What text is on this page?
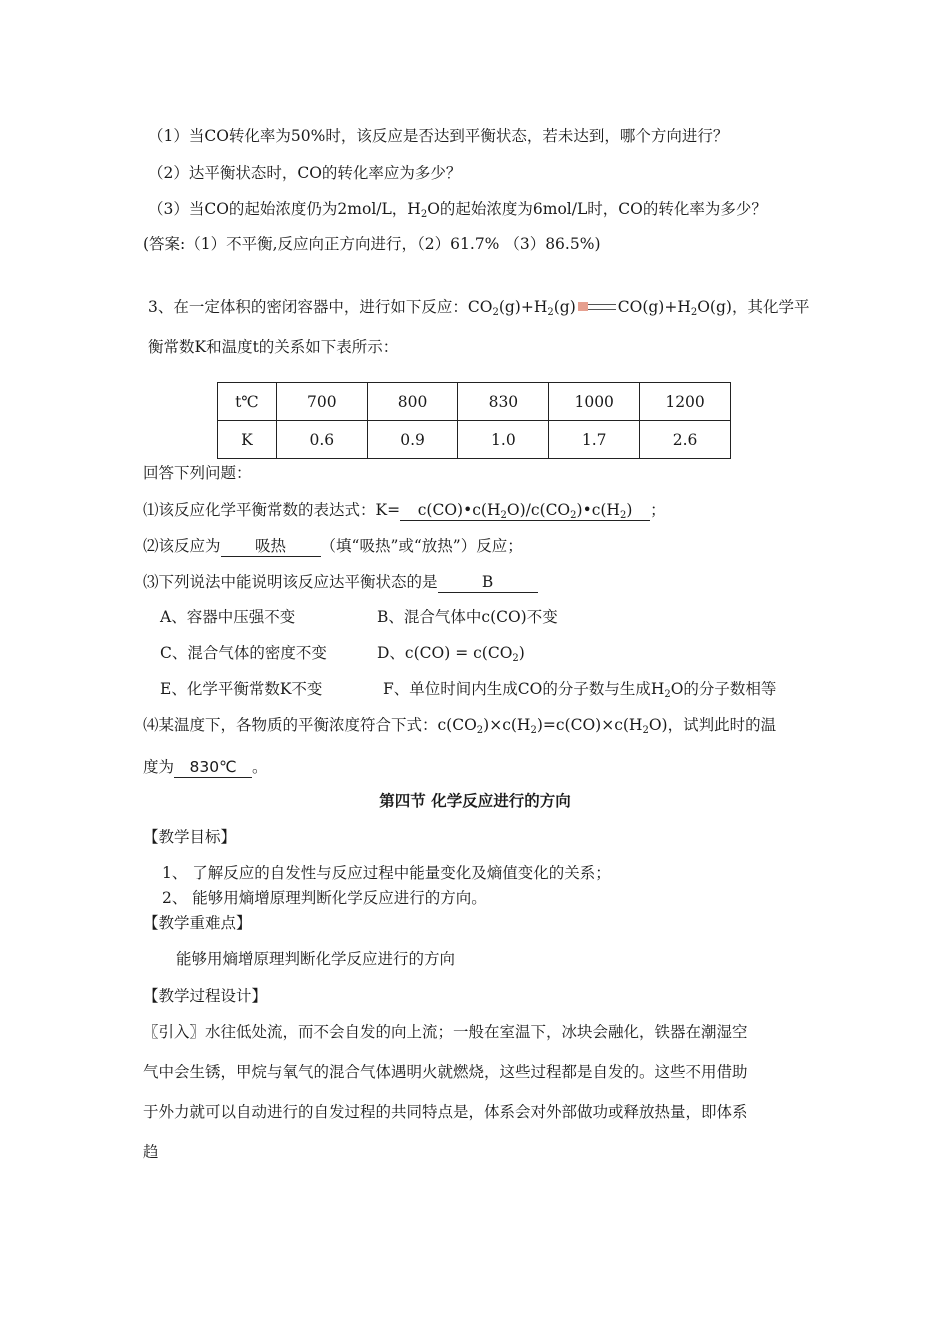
（1）当CO转化率为50%时，该反应是否达到平衡状态，若未达到，哪个方向进行？
（2）达平衡状态时，CO的转化率应为多少？
（3）当CO的起始浓度仍为2mol/L，$H_2O$的起始浓度为6mol/L时，CO的转化率为多少？
(答案:（1）不平衡,反应向正方向进行，（2）61.7% （3）86.5%)
3、在一定体积的密闭容器中，进行如下反应：$CO_2(g)+H_2(g)$	$CO(g)+H_2O(g)$，其化学平
衡常数K和温度t的关系如下表所示：
t℃	700	800	830	1000	1200
K	0.6	0.9	1.0	1.7	2.6
回答下列问题：
⑴该反应化学平衡常数的表达式：$K= c(CO)•c(H_2O)/c(CO_2)•c(H_2)$ ；
⑵该反应为 吸热 （填“吸热”或“放热”）反应；
⑶下列说法中能说明该反应达平衡状态的是	B
A、容器中压强不变	B、混合气体中c(CO)不变
C、混合气体的密度不变	D、$c(CO) = c(CO_2)$
E、化学平衡常数K不变	F、单位时间内生成CO的分子数与生成$H_2O$的分子数相等
⑷某温度下，各物质的平衡浓度符合下式：$c(CO_2)\times c(H_2)=c(CO)\times c(H_2O)$，试判此时的温
度为 830℃ 。
第四节 化学反应进行的方向
【教学目标】
1、 了解反应的自发性与反应过程中能量变化及熵值变化的关系；
2、 能够用熵增原理判断化学反应进行的方向。
【教学重难点】
能够用熵增原理判断化学反应进行的方向
【教学过程设计】
〖引入〗水往低处流，而不会自发的向上流；一般在室温下，冰块会融化，铁器在潮湿空
气中会生锈，甲烷与氧气的混合气体遇明火就燃烧，这些过程都是自发的。这些不用借助
于外力就可以自动进行的自发过程的共同特点是，体系会对外部做功或释放热量，即体系
趋
